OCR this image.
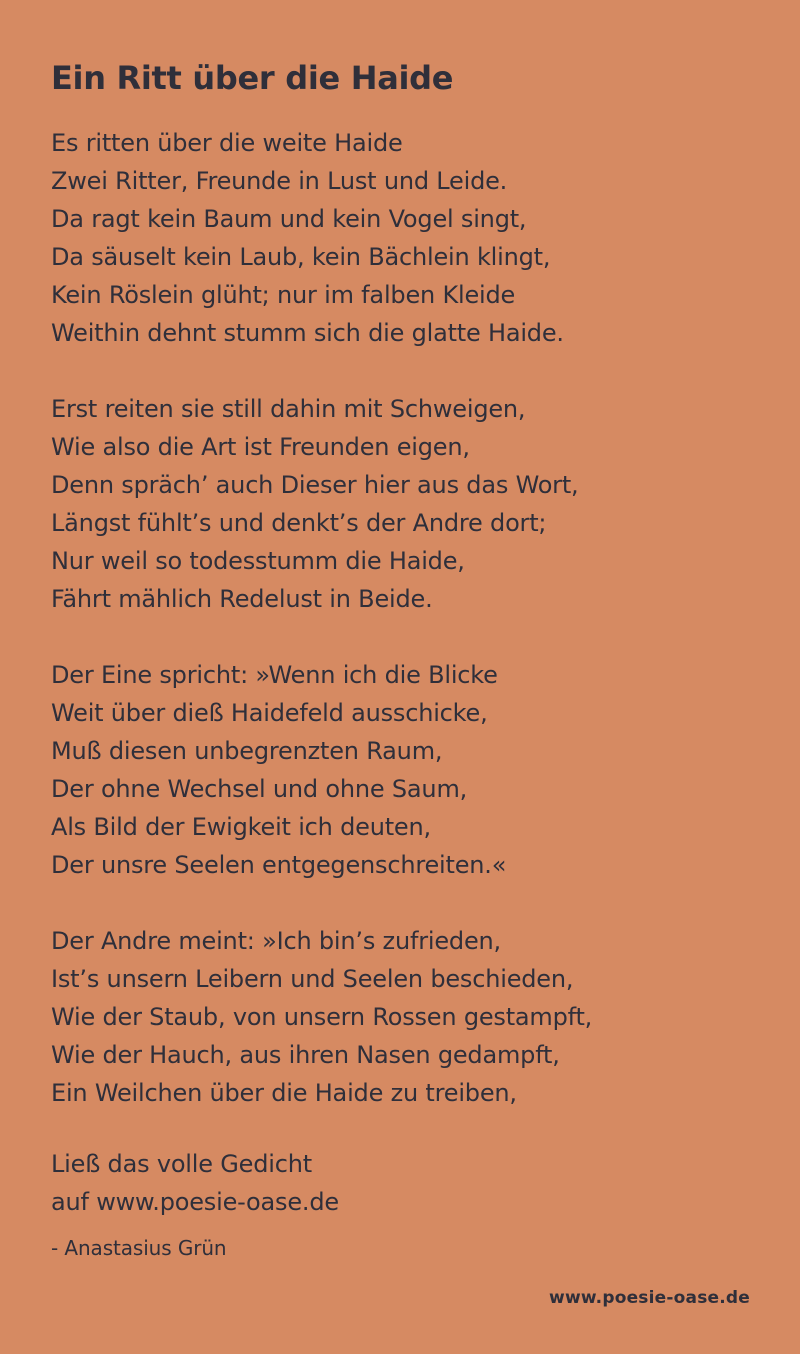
Ein Ritt über die Haide
Es ritten über die weite Haide
Zwei Ritter, Freunde in Lust und Leide.
Da ragt kein Baum und kein Vogel singt,
Da säuselt kein Laub, kein Bächlein klingt,
Kein Röslein glüht; nur im falben Kleide
Weithin dehnt stumm sich die glatte Haide.
Erst reiten sie still dahin mit Schweigen,
Wie also die Art ist Freunden eigen,
Denn spräch’ auch Dieser hier aus das Wort,
Längst fühlt’s und denkt’s der Andre dort;
Nur weil so todesstumm die Haide,
Fährt mählich Redelust in Beide.
Der Eine spricht: »Wenn ich die Blicke
Weit über dieß Haidefeld ausschicke,
Muß diesen unbegrenzten Raum,
Der ohne Wechsel und ohne Saum,
Als Bild der Ewigkeit ich deuten,
Der unsre Seelen entgegenschreiten.«
Der Andre meint: »Ich bin’s zufrieden,
Ist’s unsern Leibern und Seelen beschieden,
Wie der Staub, von unsern Rossen gestampft,
Wie der Hauch, aus ihren Nasen gedampft,
Ein Weilchen über die Haide zu treiben,
Ließ das volle Gedicht
auf www.poesie-oase.de
- Anastasius Grün
www.poesie-oase.de
